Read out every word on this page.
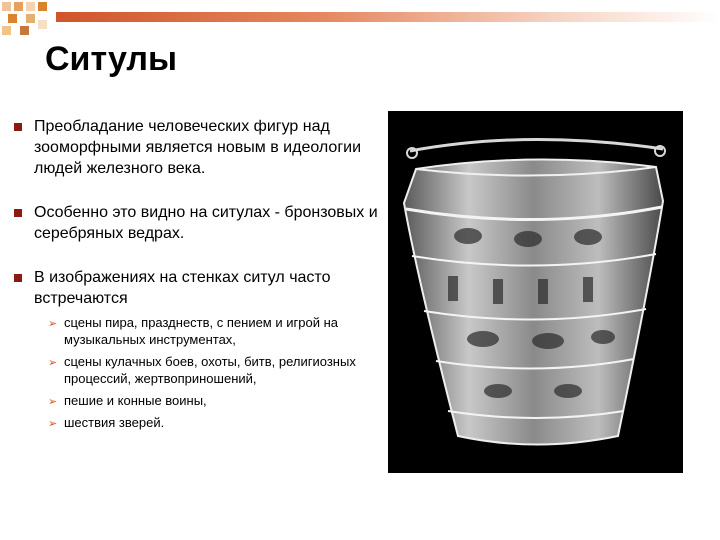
Ситулы
Преобладание человеческих фигур над зооморфными является новым в идеологии людей железного века.
Особенно это видно на ситулах - бронзовых и серебряных ведрах.
В изображениях на стенках ситул часто встречаются
➢ сцены пира, празднеств, с пением и игрой на музыкальных инструментах,
➢ сцены кулачных боев, охоты, битв, религиозных процессий, жертвоприношений,
➢ пешие и конные воины,
➢ шествия зверей.
